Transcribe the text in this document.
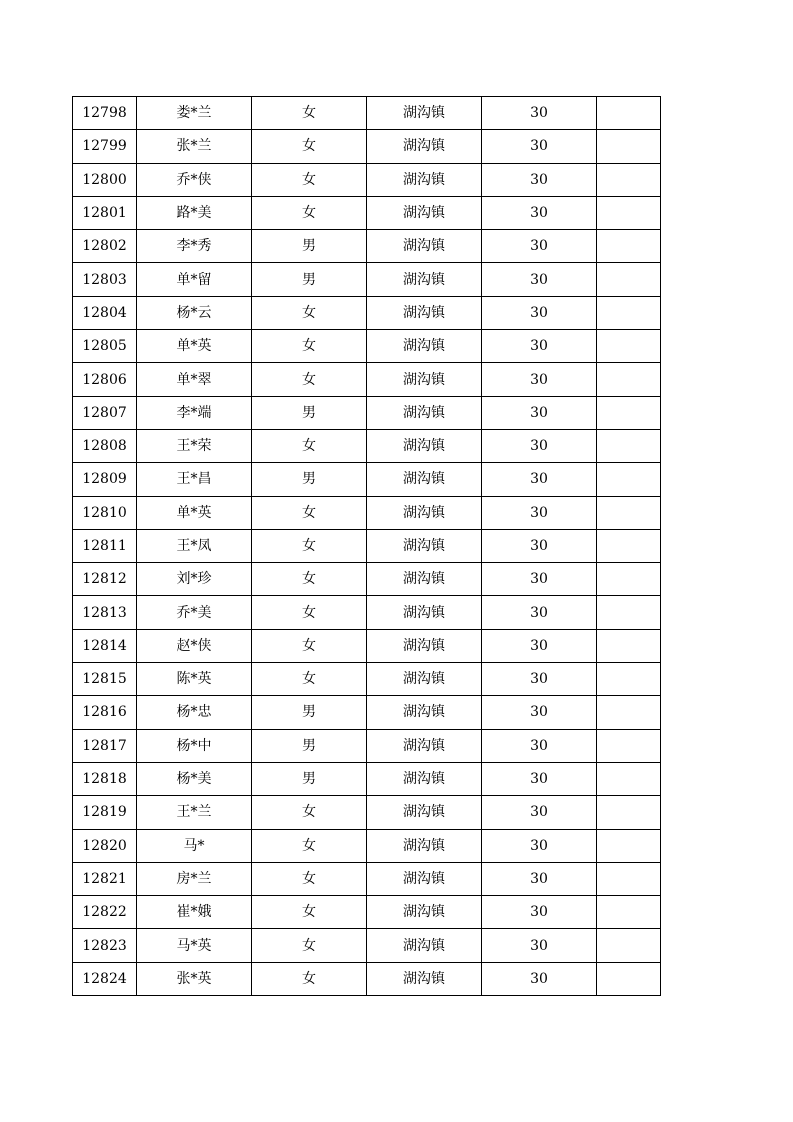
12798	娄*兰	女	湖沟镇	30	
12799	张*兰	女	湖沟镇	30	
12800	乔*侠	女	湖沟镇	30	
12801	路*美	女	湖沟镇	30	
12802	李*秀	男	湖沟镇	30	
12803	单*留	男	湖沟镇	30	
12804	杨*云	女	湖沟镇	30	
12805	单*英	女	湖沟镇	30	
12806	单*翠	女	湖沟镇	30	
12807	李*端	男	湖沟镇	30	
12808	王*荣	女	湖沟镇	30	
12809	王*昌	男	湖沟镇	30	
12810	单*英	女	湖沟镇	30	
12811	王*凤	女	湖沟镇	30	
12812	刘*珍	女	湖沟镇	30	
12813	乔*美	女	湖沟镇	30	
12814	赵*侠	女	湖沟镇	30	
12815	陈*英	女	湖沟镇	30	
12816	杨*忠	男	湖沟镇	30	
12817	杨*中	男	湖沟镇	30	
12818	杨*美	男	湖沟镇	30	
12819	王*兰	女	湖沟镇	30	
12820	马*	女	湖沟镇	30	
12821	房*兰	女	湖沟镇	30	
12822	崔*娥	女	湖沟镇	30	
12823	马*英	女	湖沟镇	30	
12824	张*英	女	湖沟镇	30	
